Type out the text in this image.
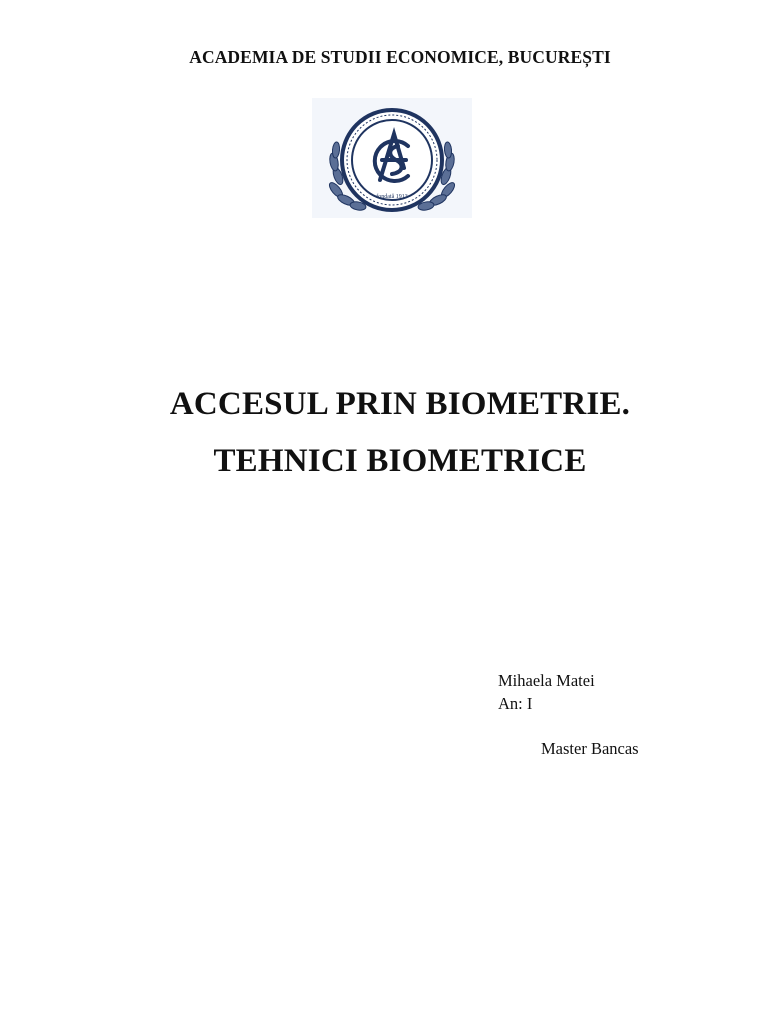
ACADEMIA DE STUDII ECONOMICE, BUCUREȘTI
fondată 1913
ACCESUL PRIN BIOMETRIE.
TEHNICI BIOMETRICE
Mihaela Matei
An: I
Master Bancas
